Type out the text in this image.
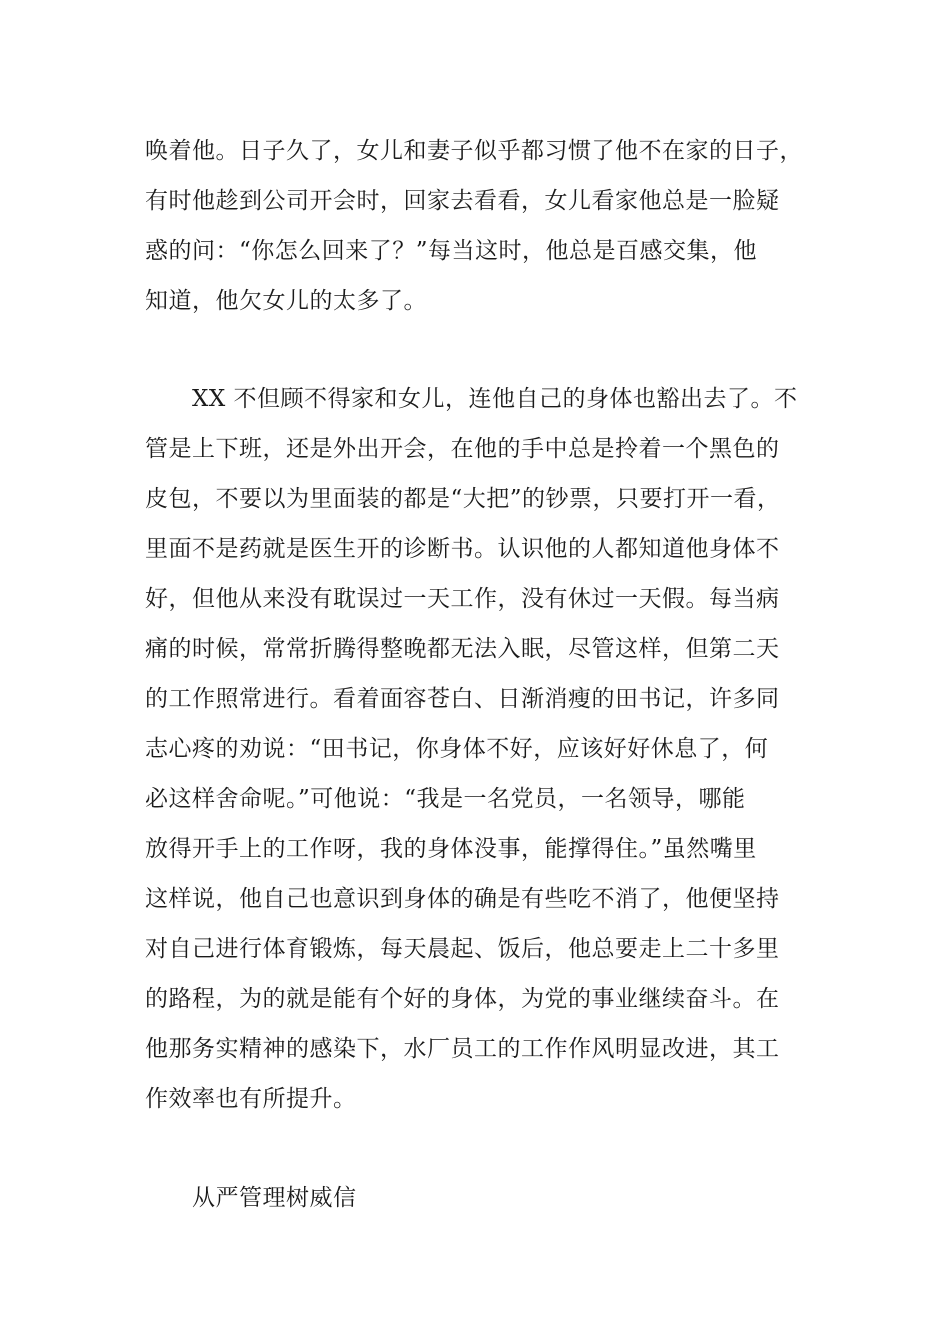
唤着他。日子久了，女儿和妻子似乎都习惯了他不在家的日子，
有时他趁到公司开会时，回家去看看，女儿看家他总是一脸疑
惑的问：“你怎么回来了？”每当这时，他总是百感交集，他
知道，他欠女儿的太多了。
XX 不但顾不得家和女儿，连他自己的身体也豁出去了。不
管是上下班，还是外出开会，在他的手中总是拎着一个黑色的
皮包，不要以为里面装的都是“大把”的钞票，只要打开一看，
里面不是药就是医生开的诊断书。认识他的人都知道他身体不
好，但他从来没有耽误过一天工作，没有休过一天假。每当病
痛的时候，常常折腾得整晚都无法入眠，尽管这样，但第二天
的工作照常进行。看着面容苍白、日渐消瘦的田书记，许多同
志心疼的劝说：“田书记，你身体不好，应该好好休息了，何
必这样舍命呢。”可他说：“我是一名党员，一名领导，哪能
放得开手上的工作呀，我的身体没事，能撑得住。”虽然嘴里
这样说，他自己也意识到身体的确是有些吃不消了，他便坚持
对自己进行体育锻炼，每天晨起、饭后，他总要走上二十多里
的路程，为的就是能有个好的身体，为党的事业继续奋斗。在
他那务实精神的感染下，水厂员工的工作作风明显改进，其工
作效率也有所提升。
从严管理树威信
